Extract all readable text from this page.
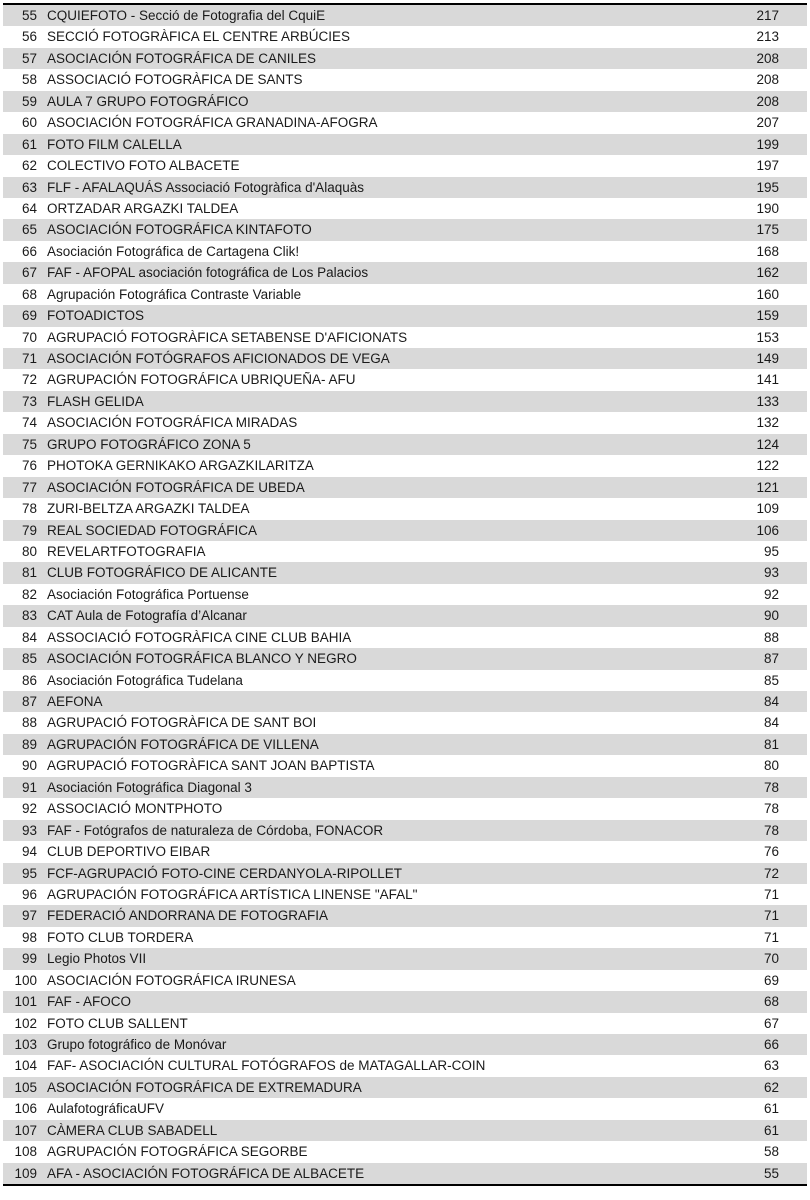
55 CQUIEFOTO - Secció de Fotografia del CquiE	217
56 SECCIÓ FOTOGRÀFICA EL CENTRE ARBÚCIES	213
57 ASOCIACIÓN FOTOGRÁFICA DE CANILES	208
58 ASSOCIACIÓ FOTOGRÀFICA DE SANTS	208
59 AULA 7 GRUPO FOTOGRÁFICO	208
60 ASOCIACIÓN FOTOGRÁFICA GRANADINA-AFOGRA	207
61 FOTO FILM CALELLA	199
62 COLECTIVO FOTO ALBACETE	197
63 FLF - AFALAQUÁS Associació Fotogràfica d'Alaquàs	195
64 ORTZADAR ARGAZKI TALDEA	190
65 ASOCIACIÓN FOTOGRÁFICA KINTAFOTO	175
66 Asociación Fotográfica de Cartagena Clik!	168
67 FAF - AFOPAL asociación fotográfica de Los Palacios	162
68 Agrupación Fotográfica Contraste Variable	160
69 FOTOADICTOS	159
70 AGRUPACIÓ FOTOGRÀFICA SETABENSE D'AFICIONATS	153
71 ASOCIACIÓN FOTÓGRAFOS AFICIONADOS DE VEGA	149
72 AGRUPACIÓN FOTOGRÁFICA UBRIQUEÑA- AFU	141
73 FLASH GELIDA	133
74 ASOCIACIÓN FOTOGRÁFICA MIRADAS	132
75 GRUPO FOTOGRÁFICO ZONA 5	124
76 PHOTOKA GERNIKAKO ARGAZKILARITZA	122
77 ASOCIACIÓN FOTOGRÁFICA DE UBEDA	121
78 ZURI-BELTZA ARGAZKI TALDEA	109
79 REAL SOCIEDAD FOTOGRÁFICA	106
80 REVELARTFOTOGRAFIA	95
81 CLUB FOTOGRÁFICO DE ALICANTE	93
82 Asociación Fotográfica Portuense	92
83 CAT Aula de Fotografía d’Alcanar	90
84 ASSOCIACIÓ FOTOGRÀFICA CINE CLUB BAHIA	88
85 ASOCIACIÓN FOTOGRÁFICA BLANCO Y NEGRO	87
86 Asociación Fotográfica Tudelana	85
87 AEFONA	84
88 AGRUPACIÓ FOTOGRÀFICA DE SANT BOI	84
89 AGRUPACIÓN FOTOGRÁFICA DE VILLENA	81
90 AGRUPACIÓ FOTOGRÀFICA SANT JOAN BAPTISTA	80
91 Asociación Fotográfica Diagonal 3	78
92 ASSOCIACIÓ MONTPHOTO	78
93 FAF - Fotógrafos de naturaleza de Córdoba, FONACOR	78
94 CLUB DEPORTIVO EIBAR	76
95 FCF-AGRUPACIÓ FOTO-CINE CERDANYOLA-RIPOLLET	72
96 AGRUPACIÓN FOTOGRÁFICA ARTÍSTICA LINENSE "AFAL"	71
97 FEDERACIÓ ANDORRANA DE FOTOGRAFIA	71
98 FOTO CLUB TORDERA	71
99 Legio Photos VII	70
100 ASOCIACIÓN FOTOGRÁFICA IRUNESA	69
101 FAF - AFOCO	68
102 FOTO CLUB SALLENT	67
103 Grupo fotográfico de Monóvar	66
104 FAF- ASOCIACIÓN CULTURAL FOTÓGRAFOS de MATAGALLAR-COIN	63
105 ASOCIACIÓN FOTOGRÁFICA DE EXTREMADURA	62
106 AulafotográficaUFV	61
107 CÀMERA CLUB SABADELL	61
108 AGRUPACIÓN FOTOGRÁFICA SEGORBE	58
109 AFA - ASOCIACIÓN FOTOGRÁFICA DE ALBACETE	55
